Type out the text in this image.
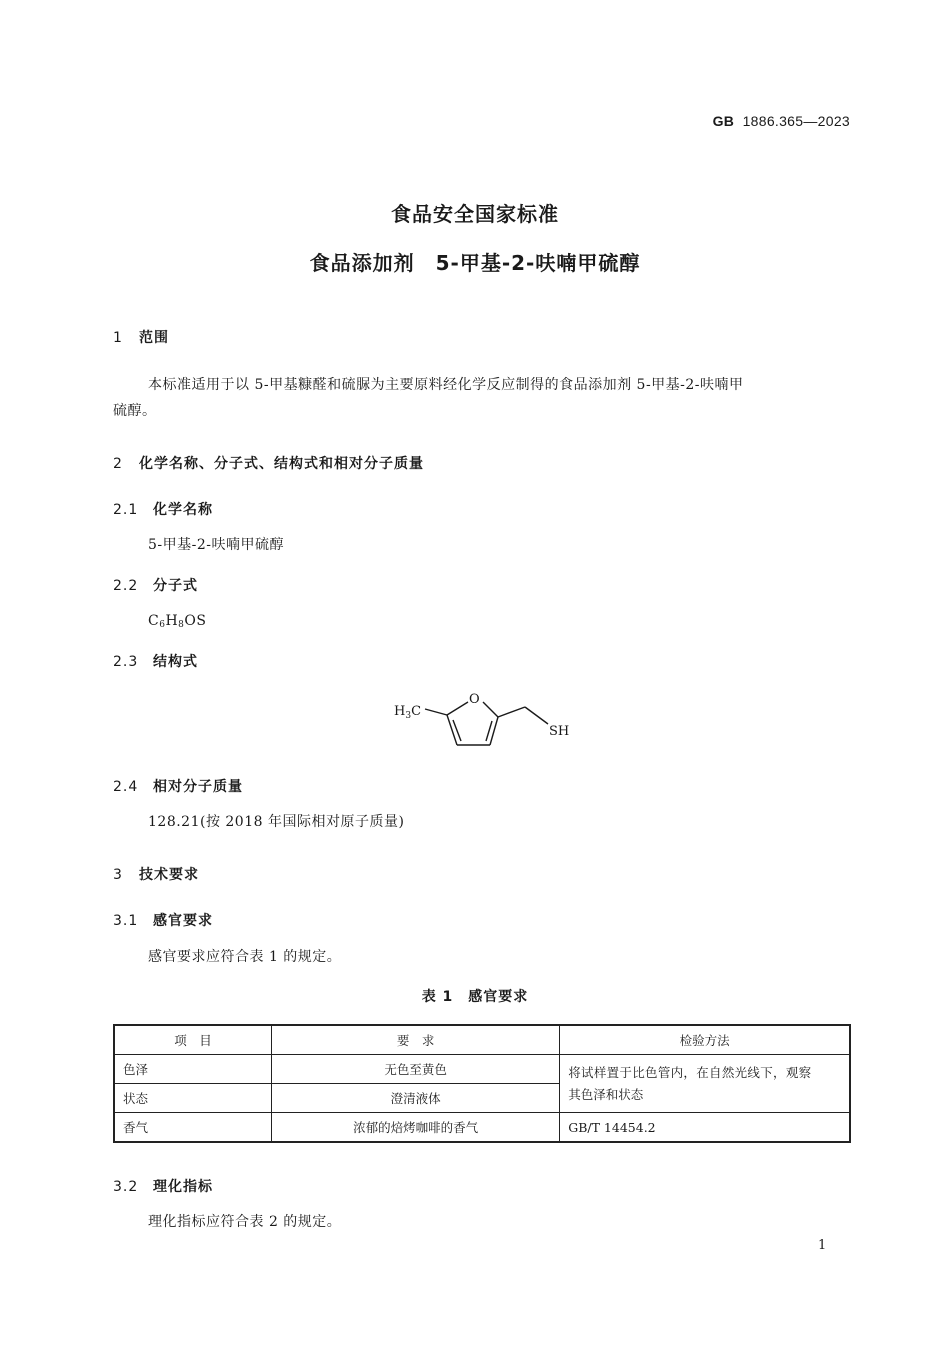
GB 1886.365—2023
食品安全国家标准
食品添加剂　5-甲基-2-呋喃甲硫醇
1 范围
本标准适用于以 5-甲基糠醛和硫脲为主要原料经化学反应制得的食品添加剂 5-甲基-2-呋喃甲
硫醇。
2 化学名称、分子式、结构式和相对分子质量
2.1 化学名称
5-甲基-2-呋喃甲硫醇
2.2 分子式
$C_6H_8OS$
2.3 结构式
$H_3C$
O
SH
2.4 相对分子质量
128.21(按 2018 年国际相对原子质量)
3 技术要求
3.1 感官要求
感官要求应符合表 1 的规定。
表 1　感官要求
项　目	要　求	检验方法
色泽	无色至黄色	将试样置于比色管内，在自然光线下，观察
其色泽和状态

状态	澄清液体	
香气	浓郁的焙烤咖啡的香气	GB/T 14454.2
3.2 理化指标
理化指标应符合表 2 的规定。
1
